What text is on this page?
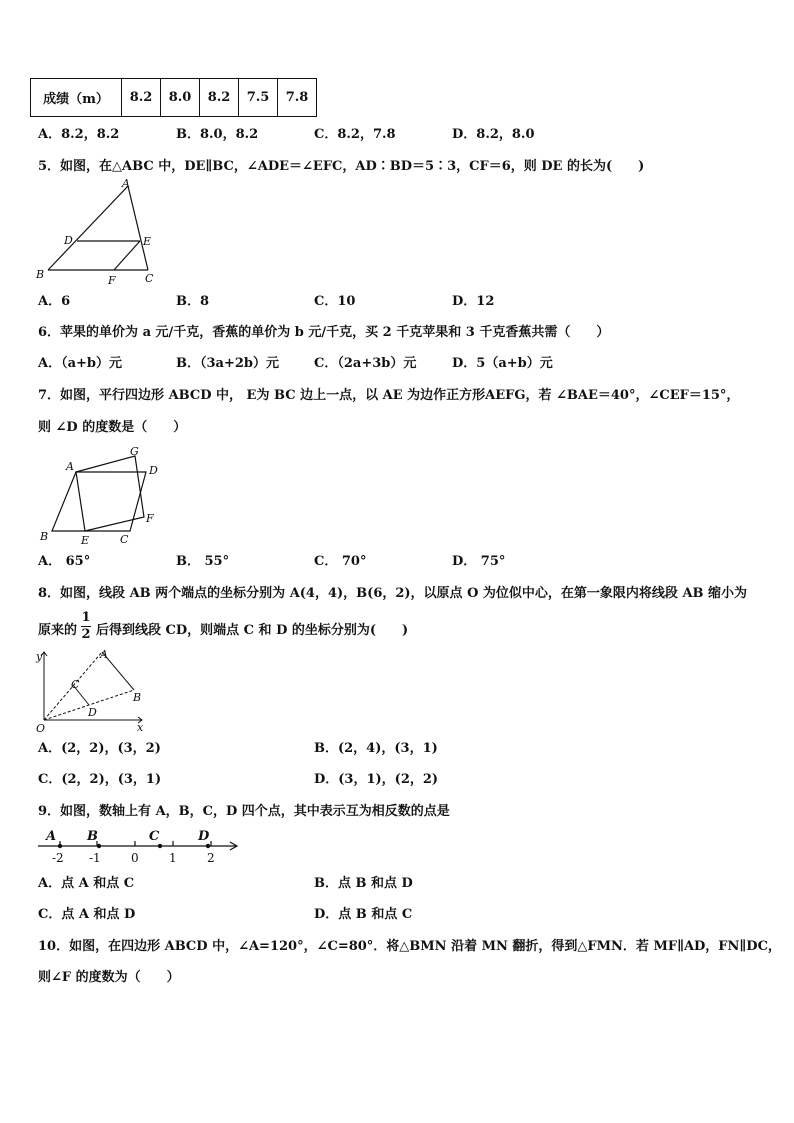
成绩（m）	8.2	8.0	8.2	7.5	7.8
A．8.2，8.2	B．8.0，8.2	C．8.2，7.8	D．8.2，8.0
5．如图，在△ABC 中，DE∥BC，∠ADE＝∠EFC，AD∶BD＝5∶3，CF＝6，则 DE 的长为(　　)
A
B	C
D	E
F
A．6	B．8	C．10	D．12
6．苹果的单价为 a 元/千克，香蕉的单价为 b 元/千克，买 2 千克苹果和 3 千克香蕉共需（　　）
A．（a+b）元	B．（3a+2b）元	C．（2a+3b）元	D．5（a+b）元
7．如图，平行四边形 ABCD 中， E为 BC 边上一点，以 AE 为边作正方形AEFG，若 ∠BAE＝40°，∠CEF＝15°，
则 ∠D 的度数是（　　）
A
B	C
D
E
F
G
A． 65°	B． 55°	C． 70°	D． 75°
8．如图，线段 AB 两个端点的坐标分别为 A(4，4)，B(6，2)，以原点 O 为位似中心，在第一象限内将线段 AB 缩小为
原来的
1
2 后得到线段 CD，则端点 C 和 D 的坐标分别为(　　)
y
x
O
A
B
C
D
A．(2，2)，(3，2)	B．(2，4)，(3，1)
C．(2，2)，(3，1)	D．(3，1)，(2，2)
9．如图，数轴上有 A，B，C，D 四个点，其中表示互为相反数的点是
A B	C	D
-2 -1	0	1	2
A．点 A 和点 C	B．点 B 和点 D
C．点 A 和点 D	D．点 B 和点 C
10．如图，在四边形 ABCD 中，∠A=120°，∠C=80°．将△BMN 沿着 MN 翻折，得到△FMN．若 MF∥AD，FN∥DC，
则∠F 的度数为（　　）
